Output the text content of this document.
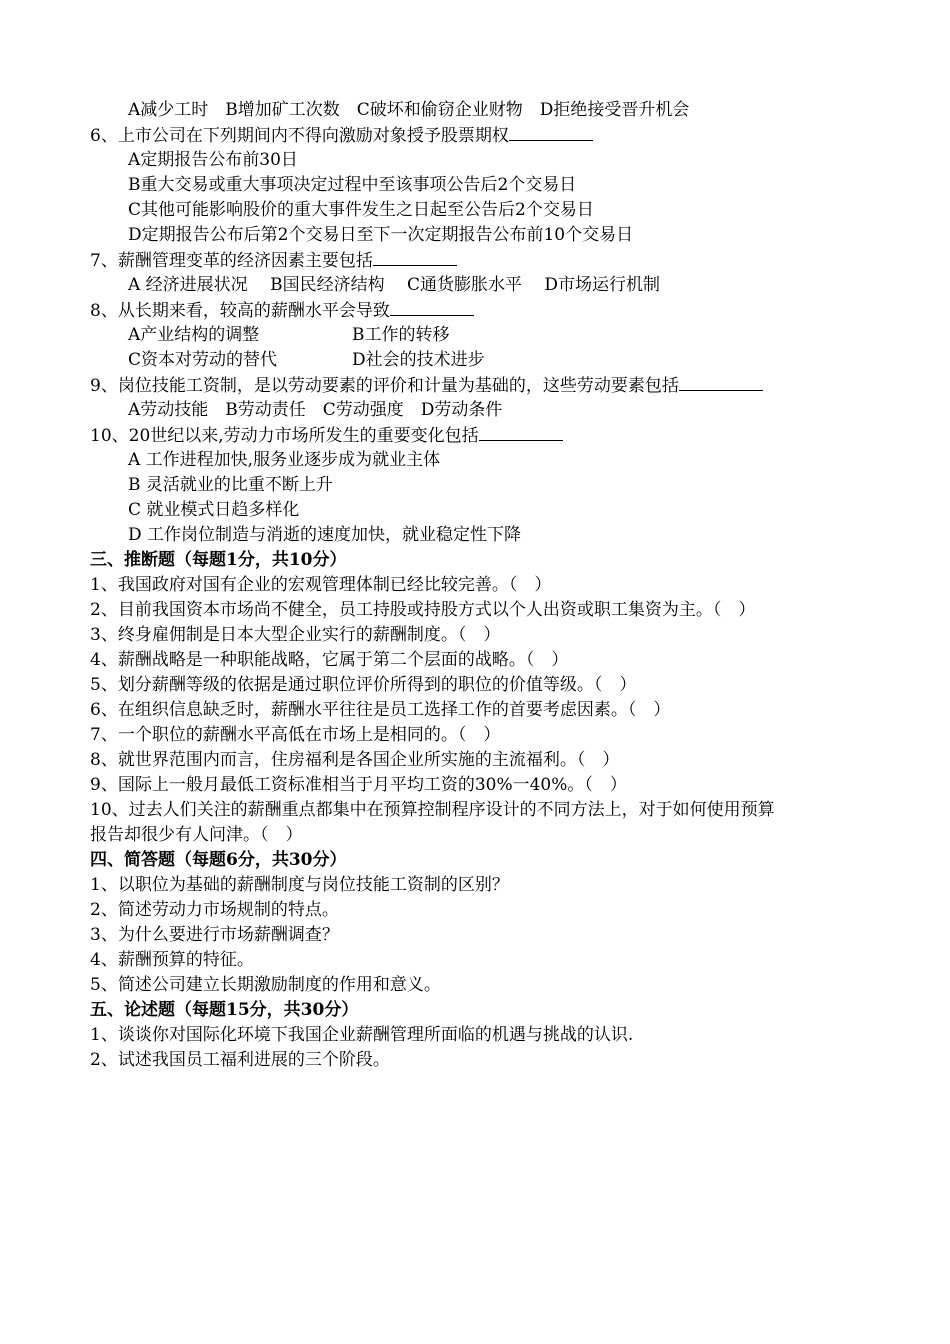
A减少工时　B增加矿工次数　C破坏和偷窃企业财物　D拒绝接受晋升机会
6、上市公司在下列期间内不得向激励对象授予股票期权
A定期报告公布前30日
B重大交易或重大事项决定过程中至该事项公告后2个交易日
C其他可能影响股价的重大事件发生之日起至公告后2个交易日
D定期报告公布后第2个交易日至下一次定期报告公布前10个交易日
7、薪酬管理变革的经济因素主要包括
A 经济进展状况　 B国民经济结构　 C通货膨胀水平　 D市场运行机制
8、从长期来看，较高的薪酬水平会导致
A产业结构的调整	B工作的转移
C资本对劳动的替代	D社会的技术进步
9、岗位技能工资制，是以劳动要素的评价和计量为基础的，这些劳动要素包括
A劳动技能　B劳动责任　C劳动强度　D劳动条件
10、20世纪以来,劳动力市场所发生的重要变化包括
A 工作进程加快,服务业逐步成为就业主体
B 灵活就业的比重不断上升
C 就业模式日趋多样化
D 工作岗位制造与消逝的速度加快，就业稳定性下降
三、推断题（每题1分，共10分）
1、我国政府对国有企业的宏观管理体制已经比较完善。（　）
2、目前我国资本市场尚不健全，员工持股或持股方式以个人出资或职工集资为主。（　）
3、终身雇佣制是日本大型企业实行的薪酬制度。（　）
4、薪酬战略是一种职能战略，它属于第二个层面的战略。（　）
5、划分薪酬等级的依据是通过职位评价所得到的职位的价值等级。（　）
6、在组织信息缺乏时，薪酬水平往往是员工选择工作的首要考虑因素。（　）
7、一个职位的薪酬水平高低在市场上是相同的。（　）
8、就世界范围内而言，住房福利是各国企业所实施的主流福利。（　）
9、国际上一般月最低工资标准相当于月平均工资的30%一40%。（　）
10、过去人们关注的薪酬重点都集中在预算控制程序设计的不同方法上，对于如何使用预算
报告却很少有人问津。（　）
四、简答题（每题6分，共30分）
1、以职位为基础的薪酬制度与岗位技能工资制的区别？
2、简述劳动力市场规制的特点。
3、为什么要进行市场薪酬调查？
4、薪酬预算的特征。
5、简述公司建立长期激励制度的作用和意义。
五、论述题（每题15分，共30分）
1、谈谈你对国际化环境下我国企业薪酬管理所面临的机遇与挑战的认识.
2、试述我国员工福利进展的三个阶段。
